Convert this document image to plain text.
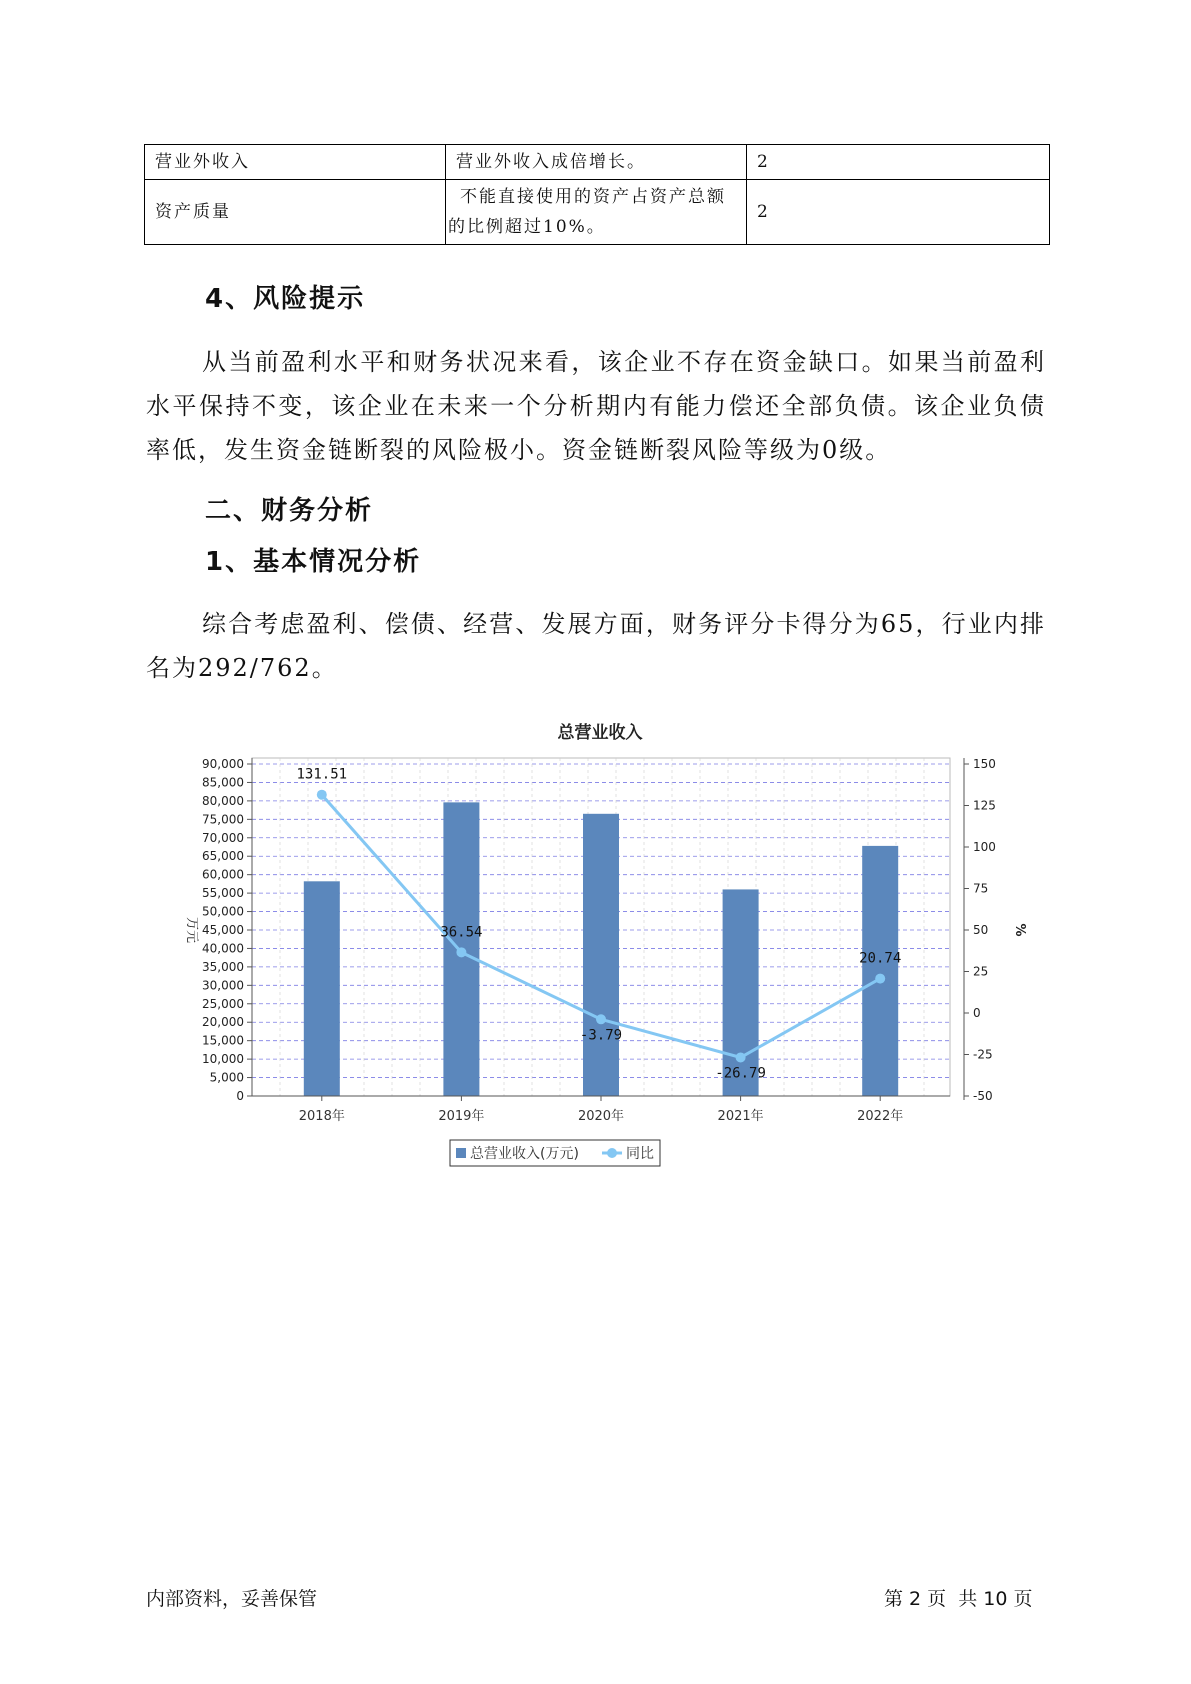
营业外收入	营业外收入成倍增长。	2
资产质量	不能直接使用的资产占资产总额的比例超过10%。	2
4、风险提示

从当前盈利水平和财务状况来看，该企业不存在资金缺口。如果当前盈利水平保持不变，该企业在未来一个分析期内有能力偿还全部负债。该企业负债率低，发生资金链断裂的风险极小。资金链断裂风险等级为0级。

二、财务分析
1、基本情况分析

综合考虑盈利、偿债、经营、发展方面，财务评分卡得分为65，行业内排名为292/762。

总营业收入
0
5,000
10,000
15,000
20,000
25,000
30,000
35,000
40,000
45,000
50,000
55,000
60,000
65,000
70,000
75,000
80,000
85,000
90,000
-50
-25
0
25
50
75
100
125
150
万元	%
2018年	2019年	2020年	2021年	2022年
131.51
36.54
-3.79
-26.79
20.74
总营业收入(万元)	同比
内部资料，妥善保管	第 2 页  共 10 页
